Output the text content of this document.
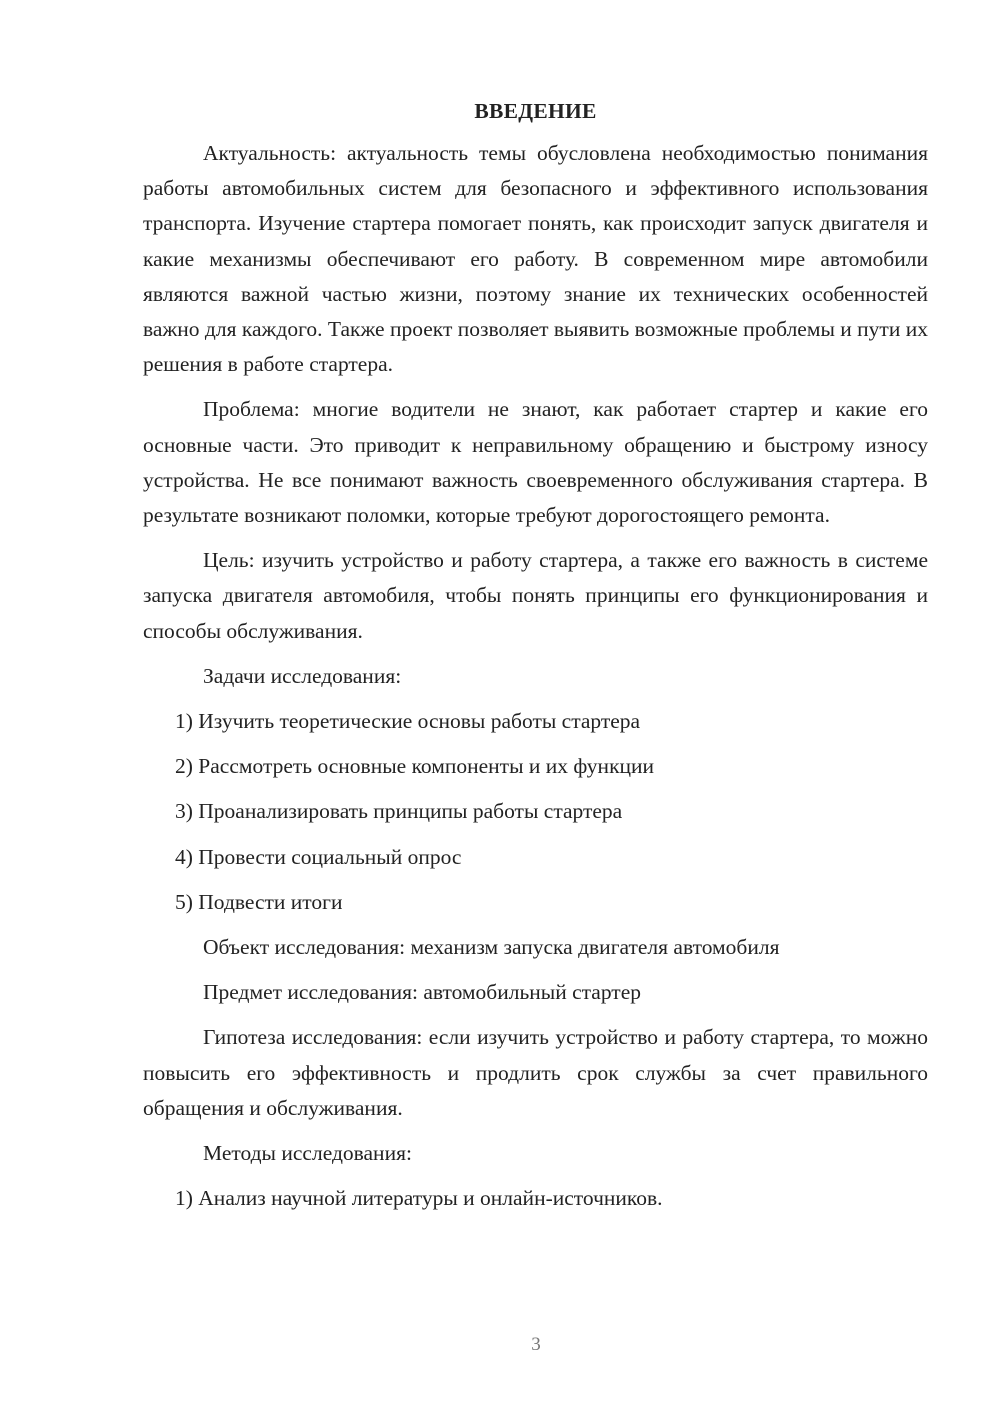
ВВЕДЕНИЕ

Актуальность: актуальность темы обусловлена необходимостью понимания работы автомобильных систем для безопасного и эффективного использования транспорта. Изучение стартера помогает понять, как происходит запуск двигателя и какие механизмы обеспечивают его работу. В современном мире автомобили являются важной частью жизни, поэтому знание их технических особенностей важно для каждого. Также проект позволяет выявить возможные проблемы и пути их решения в работе стартера.

Проблема: многие водители не знают, как работает стартер и какие его основные части. Это приводит к неправильному обращению и быстрому износу устройства. Не все понимают важность своевременного обслуживания стартера. В результате возникают поломки, которые требуют дорогостоящего ремонта.

Цель: изучить устройство и работу стартера, а также его важность в системе запуска двигателя автомобиля, чтобы понять принципы его функционирования и способы обслуживания.

Задачи исследования:

1) Изучить теоретические основы работы стартера
2) Рассмотреть основные компоненты и их функции
3) Проанализировать принципы работы стартера
4) Провести социальный опрос
5) Подвести итоги

Объект исследования: механизм запуска двигателя автомобиля

Предмет исследования: автомобильный стартер

Гипотеза исследования: если изучить устройство и работу стартера, то можно повысить его эффективность и продлить срок службы за счет правильного обращения и обслуживания.

Методы исследования:

1) Анализ научной литературы и онлайн-источников.
3
